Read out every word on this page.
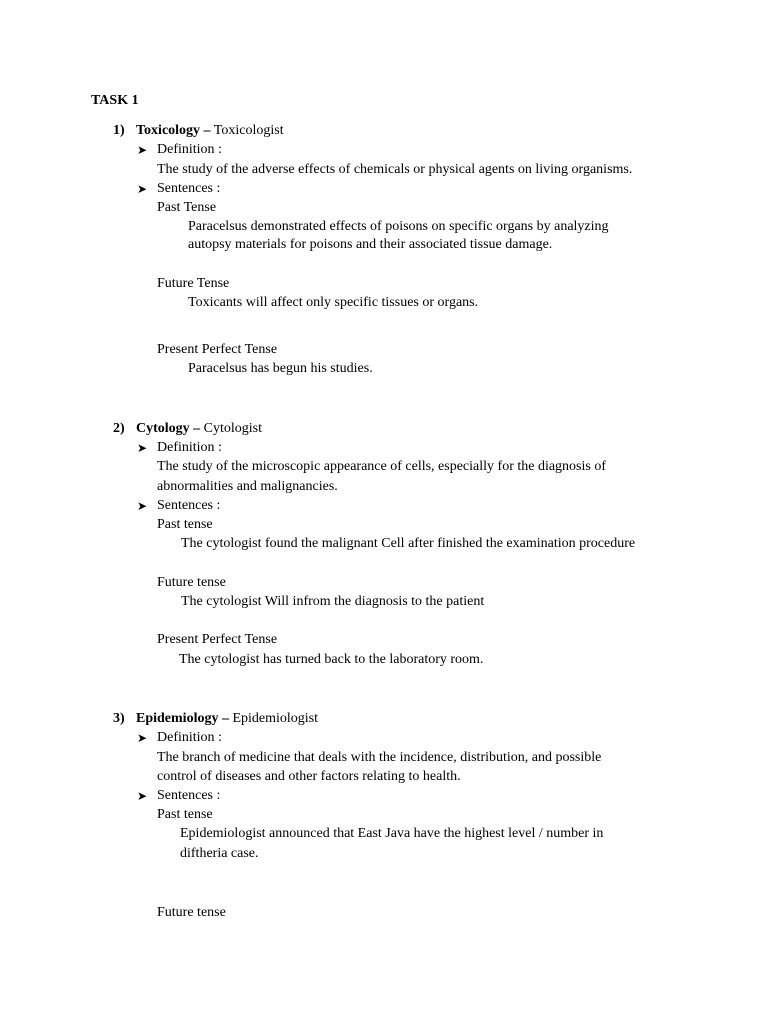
TASK 1
1) Toxicology – Toxicologist
➤ Definition :
The study of the adverse effects of chemicals or physical agents on living organisms.
➤ Sentences :
Past Tense
Paracelsus demonstrated effects of poisons on specific organs by analyzing
autopsy materials for poisons and their associated tissue damage.
Future Tense
Toxicants will affect only specific tissues or organs.
Present Perfect Tense
Paracelsus has begun his studies.
2) Cytology – Cytologist
➤ Definition :
The study of the microscopic appearance of cells, especially for the diagnosis of
abnormalities and malignancies.
➤ Sentences :
Past tense
The cytologist found the malignant Cell after finished the examination procedure
Future tense
The cytologist Will infrom the diagnosis to the patient
Present Perfect Tense
The cytologist has turned back to the laboratory room.
3) Epidemiology – Epidemiologist
➤ Definition :
The branch of medicine that deals with the incidence, distribution, and possible
control of diseases and other factors relating to health.
➤ Sentences :
Past tense
Epidemiologist announced that East Java have the highest level / number in
diftheria case.
Future tense
